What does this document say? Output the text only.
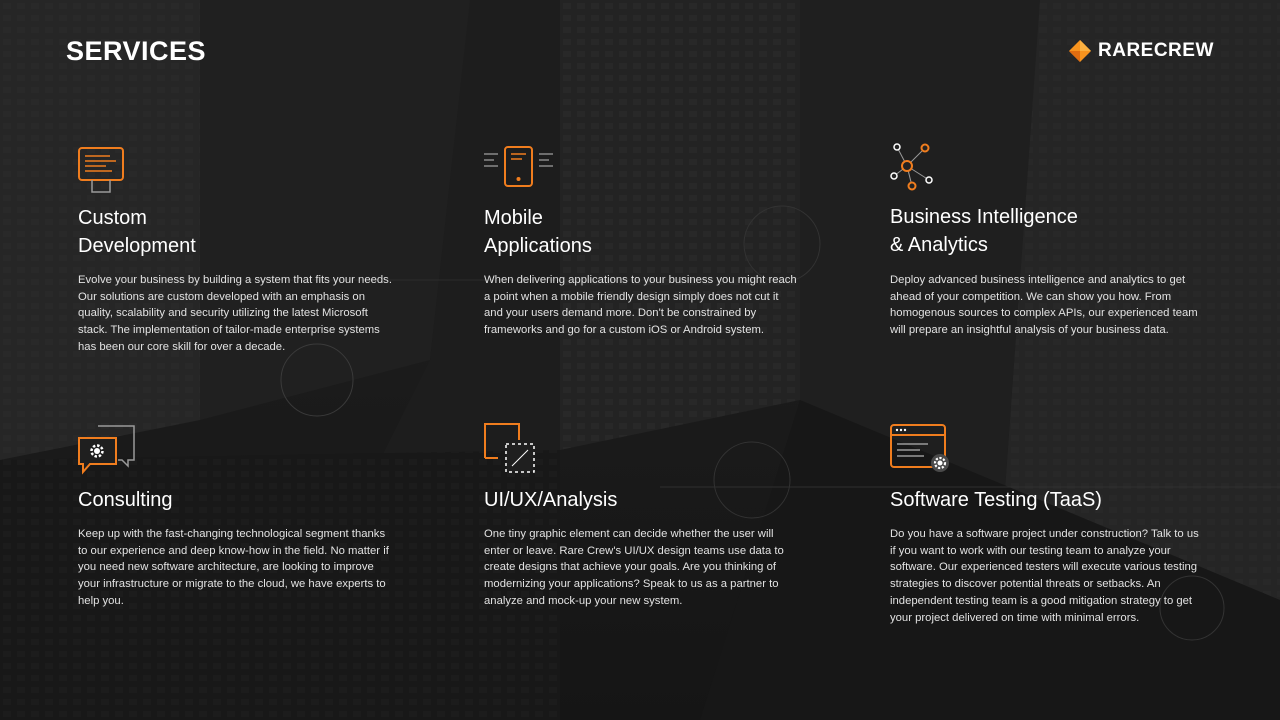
SERVICES	RARECREW
Custom
Development
Evolve your business by building a system that fits your needs. Our solutions are custom developed with an emphasis on quality, scalability and security utilizing the latest Microsoft stack. The implementation of tailor-made enterprise systems has been our core skill for over a decade.
Mobile
Applications
When delivering applications to your business you might reach a point when a mobile friendly design simply does not cut it and your users demand more. Don't be constrained by frameworks and go for a custom iOS or Android system.
Business Intelligence
& Analytics
Deploy advanced business intelligence and analytics to get ahead of your competition. We can show you how. From homogenous sources to complex APIs, our experienced team will prepare an insightful analysis of your business data.
Consulting
Keep up with the fast-changing technological segment thanks to our experience and deep know-how in the field. No matter if you need new software architecture, are looking to improve your infrastructure or migrate to the cloud, we have experts to help you.
UI/UX/Analysis
One tiny graphic element can decide whether the user will enter or leave. Rare Crew's UI/UX design teams use data to create designs that achieve your goals. Are you thinking of modernizing your applications? Speak to us as a partner to analyze and mock-up your new system.
Software Testing (TaaS)
Do you have a software project under construction? Talk to us if you want to work with our testing team to analyze your software. Our experienced testers will execute various testing strategies to discover potential threats or setbacks. An independent testing team is a good mitigation strategy to get your project delivered on time with minimal errors.
